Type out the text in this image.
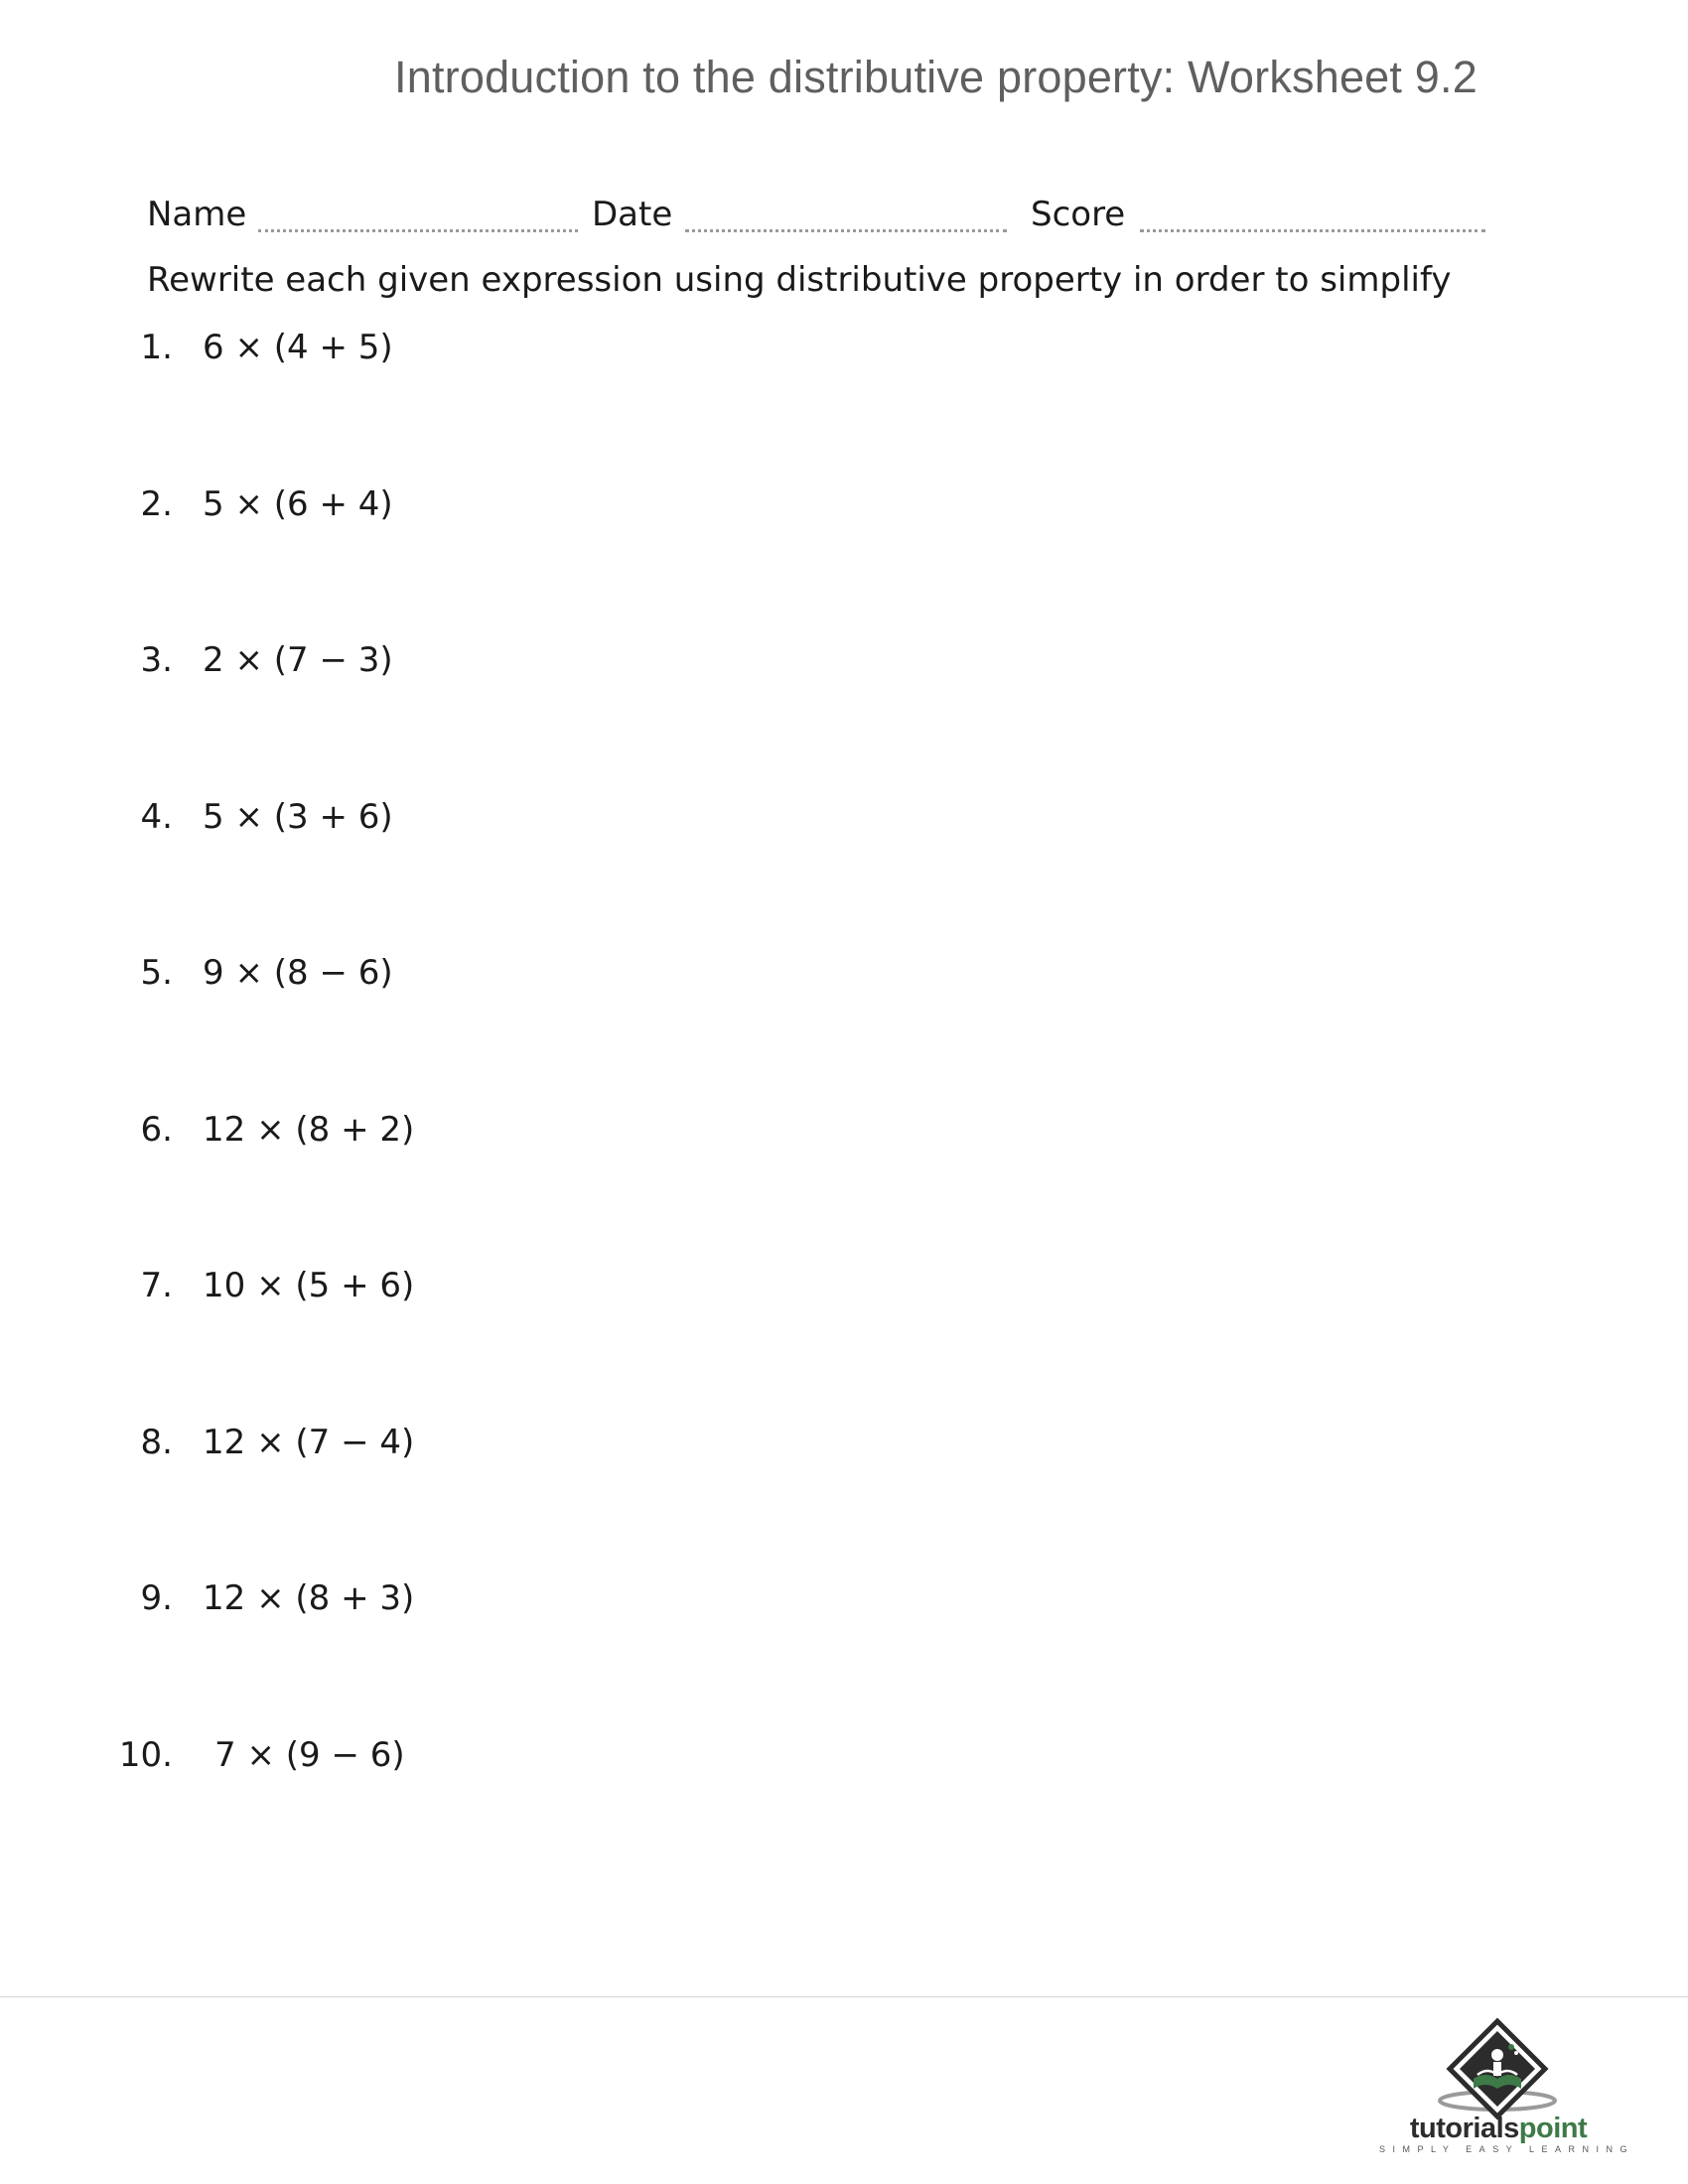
Introduction to the distributive property: Worksheet 9.2
Name	Date	Score
Rewrite each given expression using distributive property in order to simplify
1. 6 × (4 + 5)
2. 5 × (6 + 4)
3. 2 × (7 − 3)
4. 5 × (3 + 6)
5. 9 × (8 − 6)
6. 12 × (8 + 2)
7. 10 × (5 + 6)
8. 12 × (7 − 4)
9. 12 × (8 + 3)
10. 7 × (9 − 6)
tutorialspoint
SIMPLY EASY LEARNING
